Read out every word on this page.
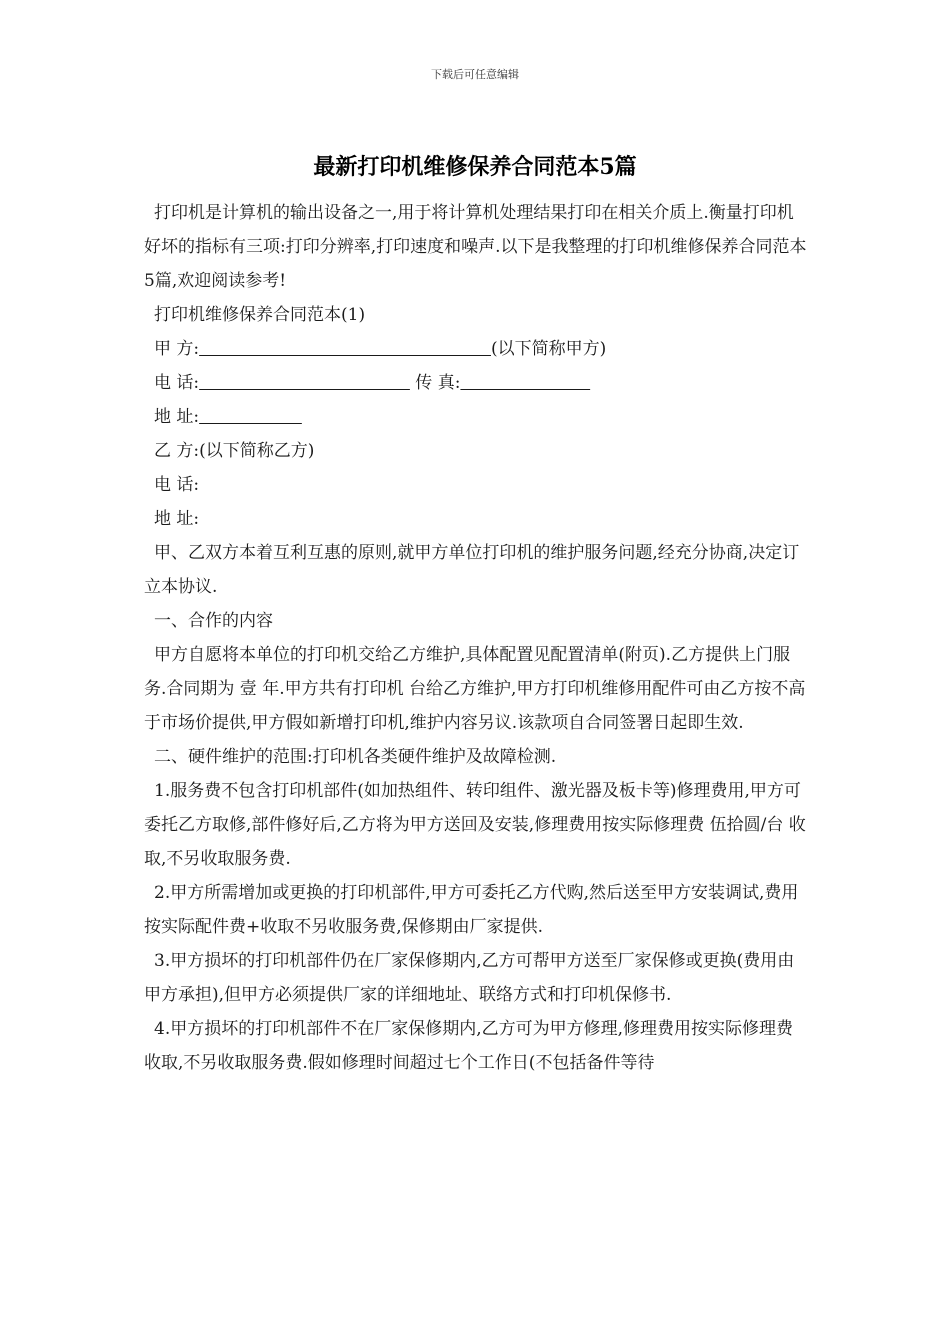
下载后可任意编辑
最新打印机维修保养合同范本5篇

打印机是计算机的输出设备之一,用于将计算机处理结果打印在相关介质上.衡量打印机好坏的指标有三项:打印分辨率,打印速度和噪声.以下是我整理的打印机维修保养合同范本5篇,欢迎阅读参考!

打印机维修保养合同范本(1)

甲 方:	(以下简称甲方)

电 话:	传 真:

地 址:

乙 方:(以下简称乙方)

电 话:

地 址:

甲、乙双方本着互利互惠的原则,就甲方单位打印机的维护服务问题,经充分协商,决定订立本协议.

一、合作的内容

甲方自愿将本单位的打印机交给乙方维护,具体配置见配置清单(附页).乙方提供上门服务.合同期为 壹 年.甲方共有打印机 台给乙方维护,甲方打印机维修用配件可由乙方按不高于市场价提供,甲方假如新增打印机,维护内容另议.该款项自合同签署日起即生效.

二、硬件维护的范围:打印机各类硬件维护及故障检测.

1.服务费不包含打印机部件(如加热组件、转印组件、激光器及板卡等)修理费用,甲方可委托乙方取修,部件修好后,乙方将为甲方送回及安装,修理费用按实际修理费 伍拾圆/台 收取,不另收取服务费.

2.甲方所需增加或更换的打印机部件,甲方可委托乙方代购,然后送至甲方安装调试,费用按实际配件费+收取不另收服务费,保修期由厂家提供.

3.甲方损坏的打印机部件仍在厂家保修期内,乙方可帮甲方送至厂家保修或更换(费用由甲方承担),但甲方必须提供厂家的详细地址、联络方式和打印机保修书.

4.甲方损坏的打印机部件不在厂家保修期内,乙方可为甲方修理,修理费用按实际修理费收取,不另收取服务费.假如修理时间超过七个工作日(不包括备件等待
